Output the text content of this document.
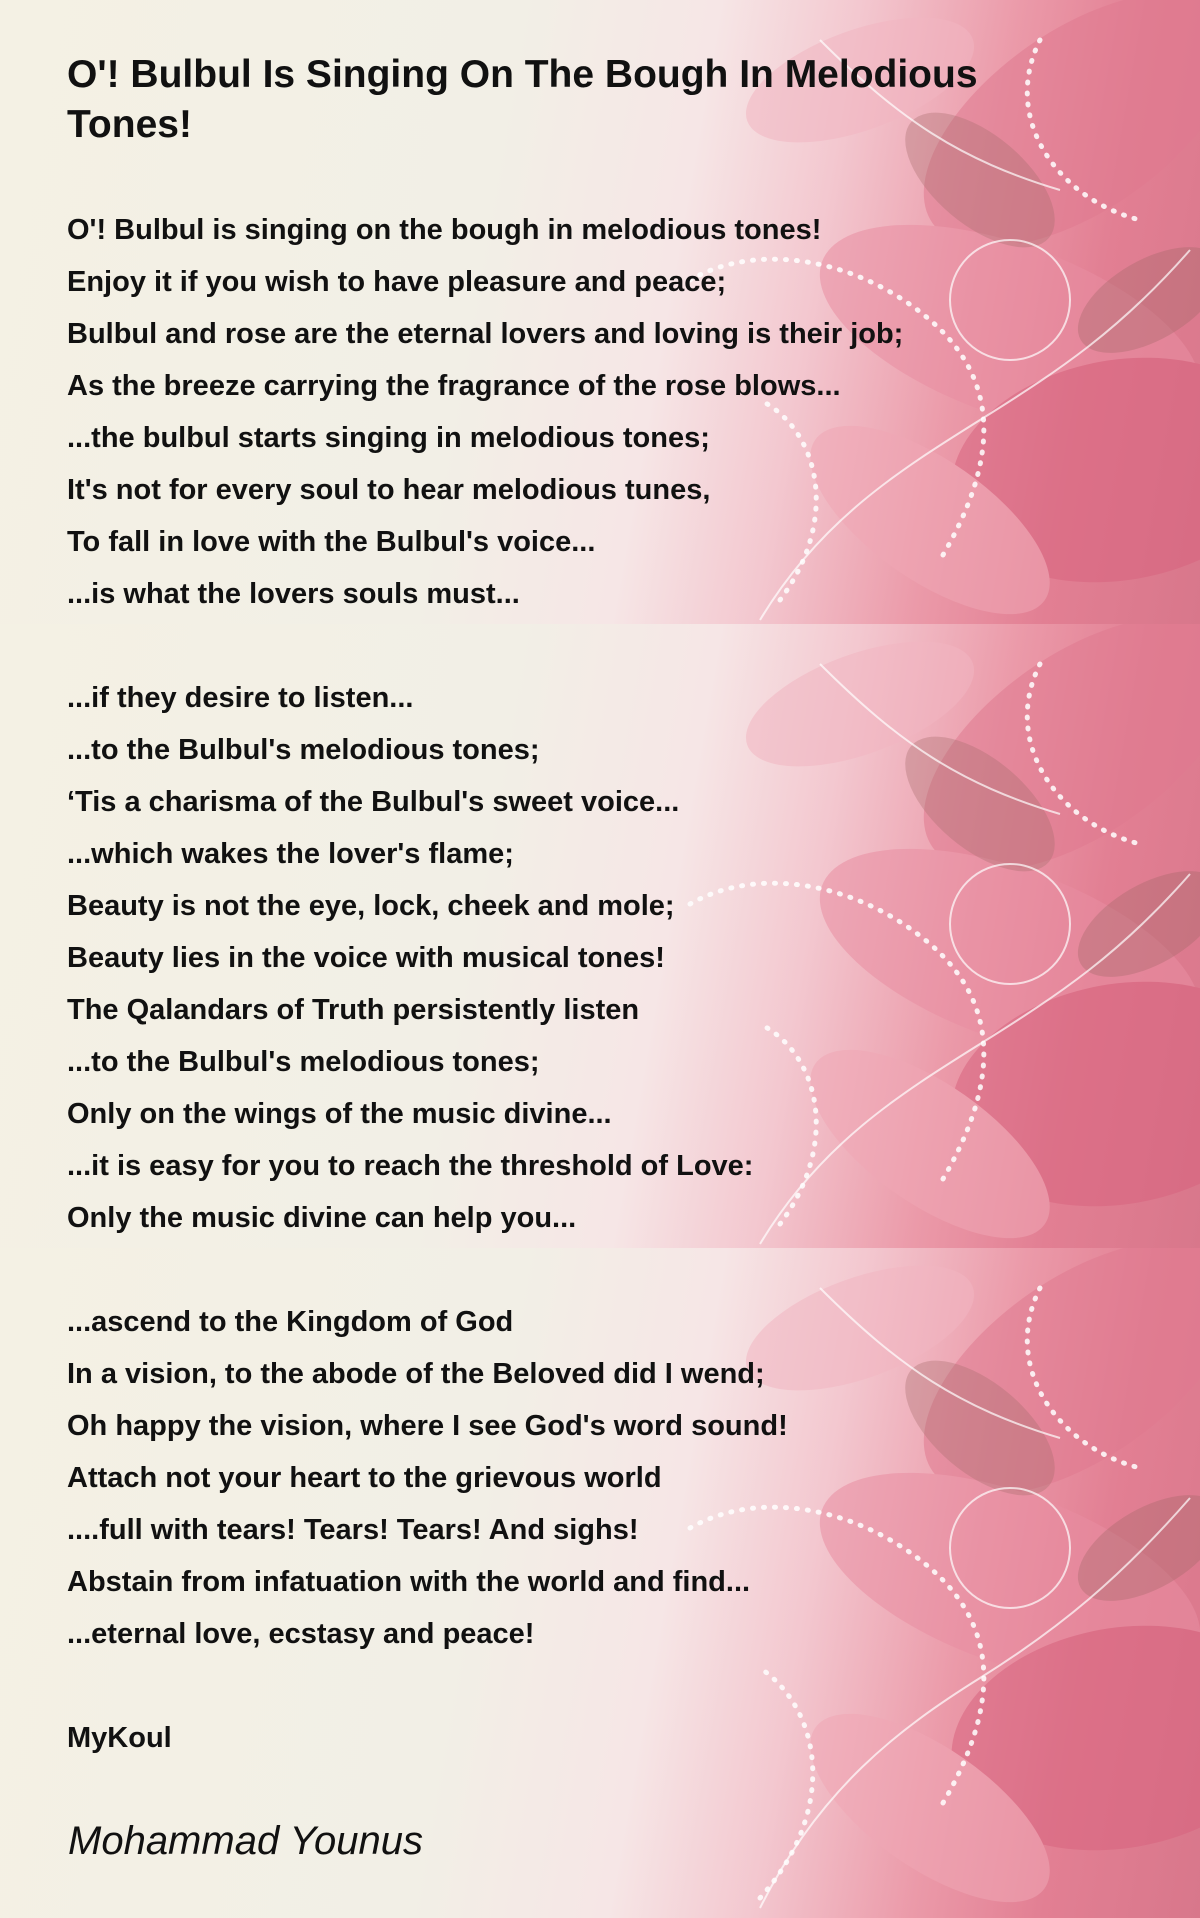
O'! Bulbul Is Singing On The Bough In Melodious Tones!
O'! Bulbul is singing on the bough in melodious tones!
Enjoy it if you wish to have pleasure and peace;
Bulbul and rose are the eternal lovers and loving is their job;
As the breeze carrying the fragrance of the rose blows...
...the bulbul starts singing in melodious tones;
It's not for every soul to hear melodious tunes,
To fall in love with the Bulbul's voice...
...is what the lovers souls must...
...if they desire to listen...
...to the Bulbul's melodious tones;
‘Tis a charisma of the Bulbul's sweet voice...
...which wakes the lover's flame;
Beauty is not the eye, lock, cheek and mole;
Beauty lies in the voice with musical tones!
The Qalandars of Truth persistently listen
...to the Bulbul's melodious tones;
Only on the wings of the music divine...
...it is easy for you to reach the threshold of Love:
Only the music divine can help you...
...ascend to the Kingdom of God
In a vision, to the abode of the Beloved did I wend;
Oh happy the vision, where I see God's word sound!
Attach not your heart to the grievous world
....full with tears! Tears! Tears! And sighs!
Abstain from infatuation with the world and find...
...eternal love, ecstasy and peace!
MyKoul
Mohammad Younus
